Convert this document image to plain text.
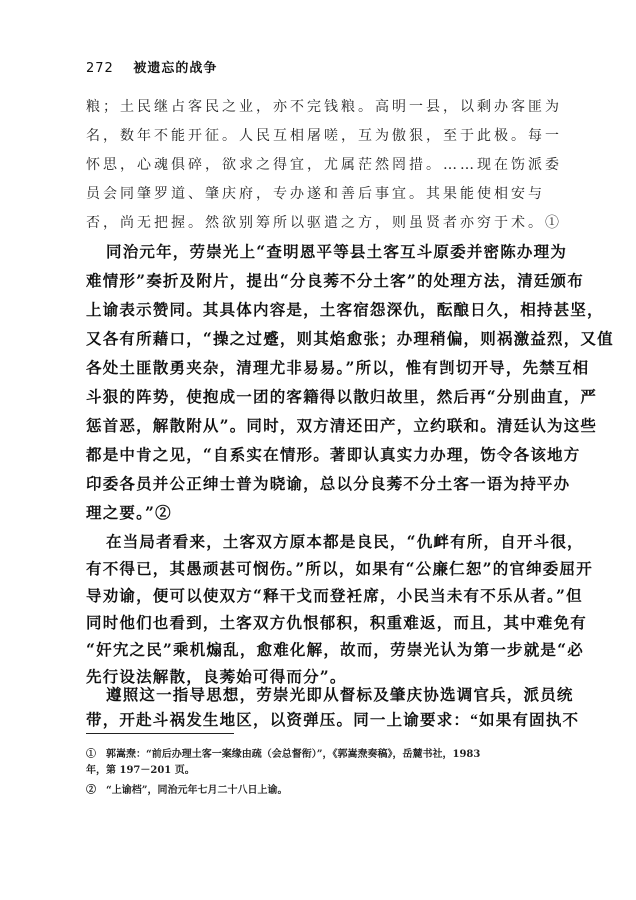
272 被遗忘的战争
粮；土民继占客民之业，亦不完钱粮。高明一县，以剩办客匪为
名，数年不能开征。人民互相屠嗟，互为傲狠，至于此极。每一
怀思，心魂俱碎，欲求之得宜，尤属茫然罔措。……现在饬派委
员会同肇罗道、肇庆府，专办遂和善后事宜。其果能使相安与
否，尚无把握。然欲别筹所以驱遣之方，则虽贤者亦穷于术。①
同治元年，劳崇光上“查明恩平等县土客互斗原委并密陈办理为
难情形”奏折及附片，提出“分良莠不分土客”的处理方法，清廷颁布
上谕表示赞同。其具体内容是，土客宿怨深仇，酝酿日久，相持甚坚，
又各有所藉口，“操之过蹙，则其焰愈张；办理稍偏，则祸激益烈，又值
各处土匪散勇夹杂，清理尤非易易。”所以，惟有剀切开导，先禁互相
斗狠的阵势，使抱成一团的客籍得以散归故里，然后再“分别曲直，严
惩首恶，解散附从”。同时，双方清还田产，立约联和。清廷认为这些
都是中肯之见，“自系实在情形。著即认真实力办理，饬令各该地方
印委各员并公正绅士普为晓谕，总以分良莠不分土客一语为持平办
理之要。”②
在当局者看来，土客双方原本都是良民，“仇衅有所，自开斗很，
有不得已，其愚顽甚可悯伤。”所以，如果有“公廉仁恕”的官绅委屈开
导劝谕，便可以使双方“释干戈而登衽席，小民当未有不乐从者。”但
同时他们也看到，土客双方仇恨郁积，积重难返，而且，其中难免有
“奸宄之民”乘机煽乱，愈难化解，故而，劳崇光认为第一步就是“必
先行设法解散，良莠始可得而分”。
遵照这一指导思想，劳崇光即从督标及肇庆协选调官兵，派员统
①　郭嵩焘：“前后办理土客一案缘由疏（会总督衔）”，《郭嵩焘奏稿》，岳麓书社，1983
年，第 197－201 页。
②　“上谕档”，同治元年七月二十八日上谕。
带，开赴斗祸发生地区，以资弹压。同一上谕要求：“如果有固执不
